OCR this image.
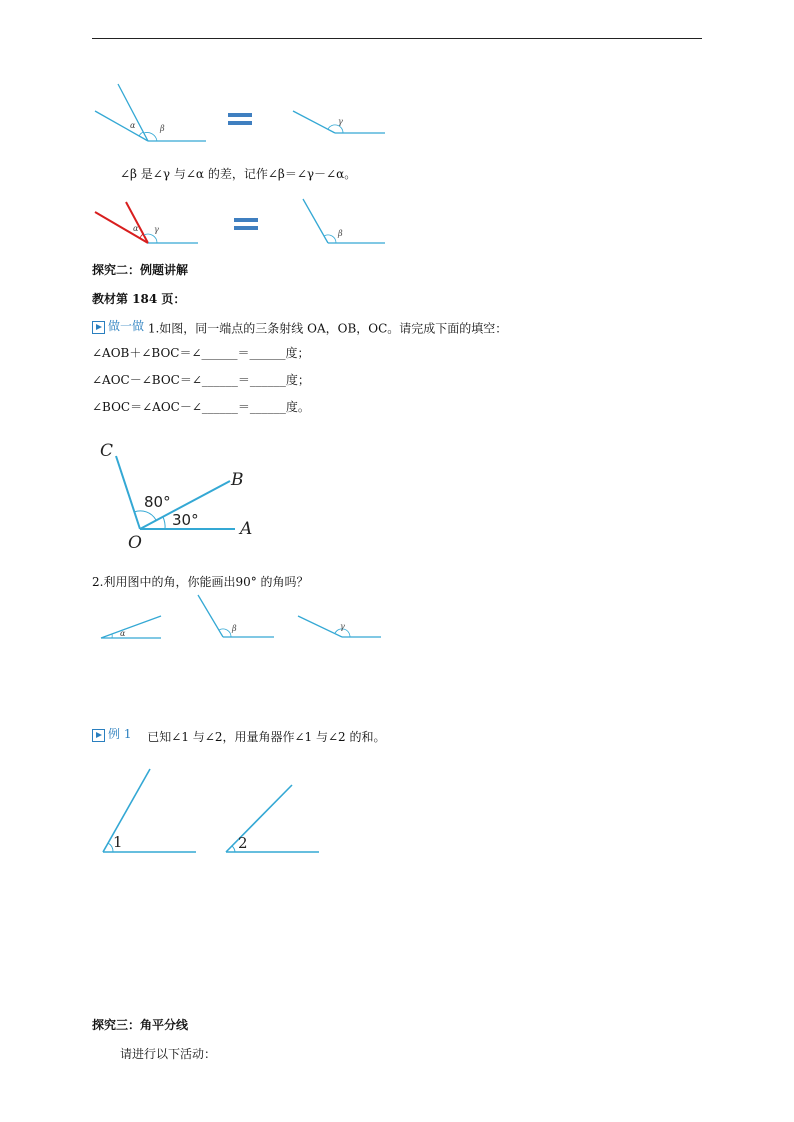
α	β
γ
∠β 是∠γ 与∠α 的差，记作∠β＝∠γ－∠α。
α γ	β
探究二：例题讲解
教材第 184 页：
做一做 1.如图，同一端点的三条射线 OA，OB，OC。请完成下面的填空：
∠AOB＋∠BOC＝∠______＝______度；
∠AOC－∠BOC＝∠______＝______度；
∠BOC＝∠AOC－∠______＝______度。
C
B
O
A
80°
30°
2.利用图中的角，你能画出90° 的角吗？
α
β	γ
例 1 已知∠1 与∠2，用量角器作∠1 与∠2 的和。
1	2
探究三：角平分线
请进行以下活动：
